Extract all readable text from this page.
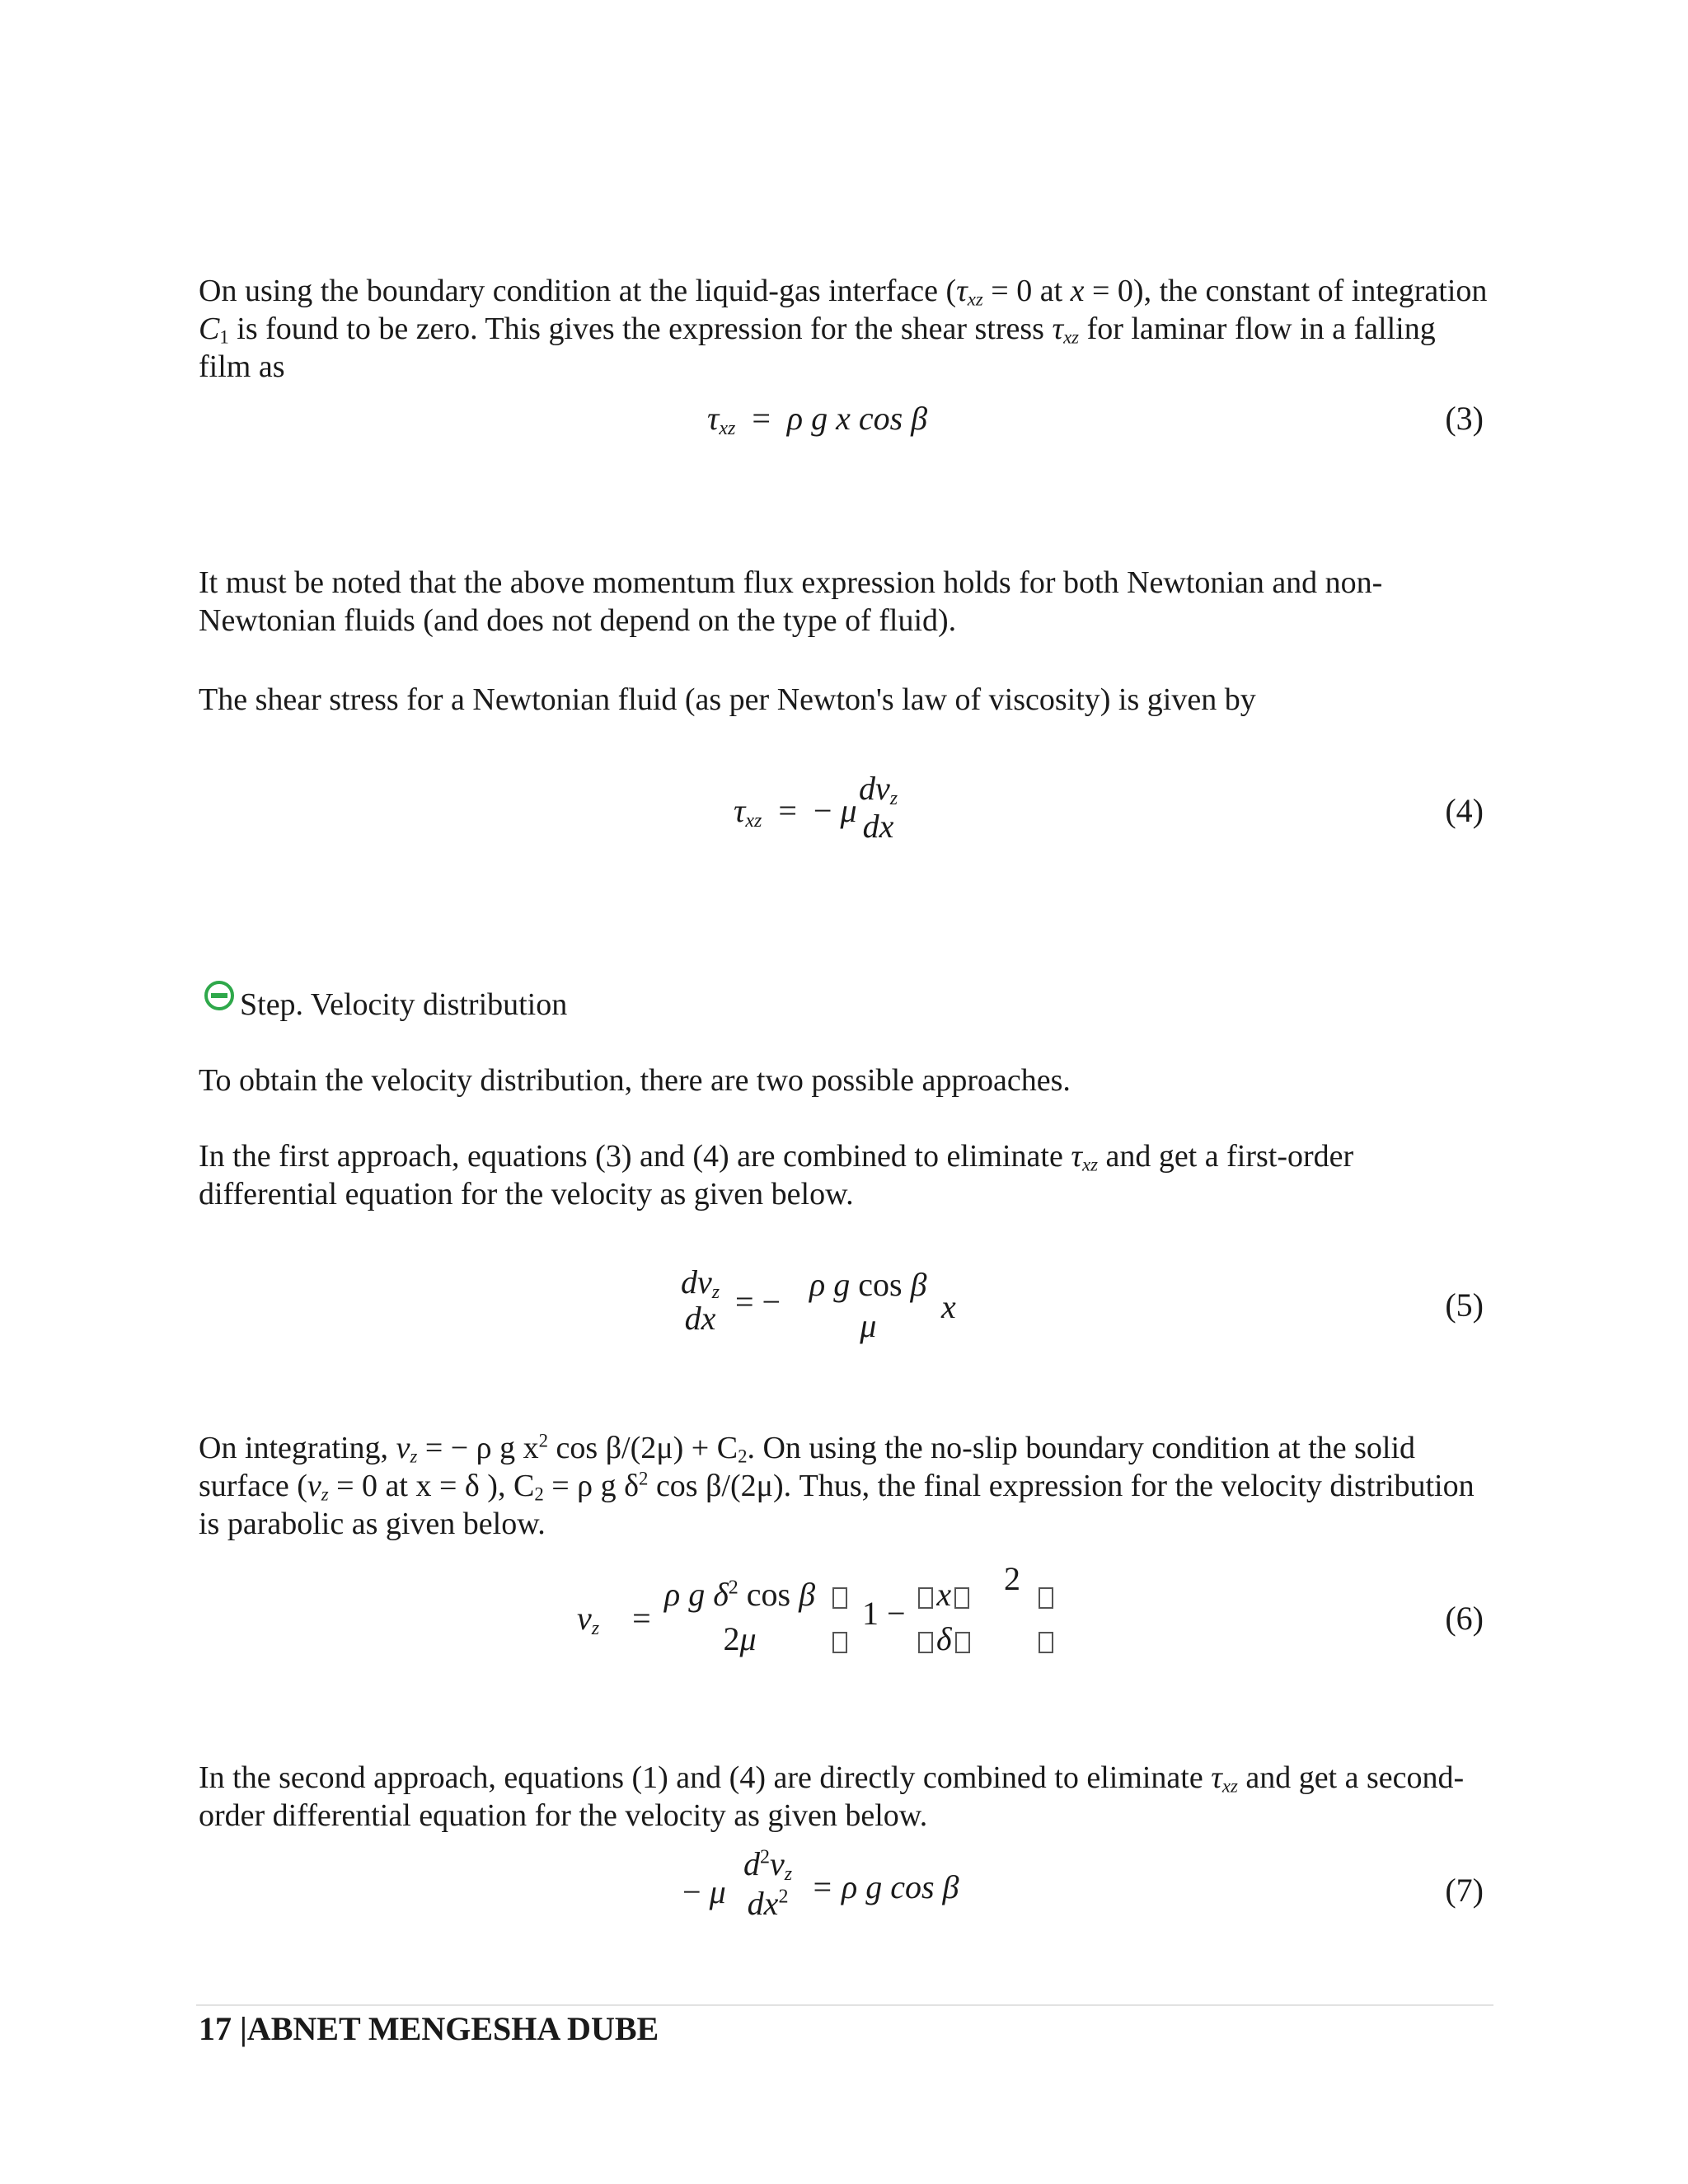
On using the boundary condition at the liquid-gas interface ($\tau_{xz} = 0$ at x = 0), the constant of integration $C_1$ is found to be zero. This gives the expression for the shear stress $\tau_{xz}$ for laminar flow in a falling film as

$\tau_{xz} = \rho$ g x cos β	(3)

It must be noted that the above momentum flux expression holds for both Newtonian and non-Newtonian fluids (and does not depend on the type of fluid).

The shear stress for a Newtonian fluid (as per Newton's law of viscosity) is given by

$\tau_{xz}$  =  − μ
$dv_z$
dx	(4)
Step. Velocity distribution

To obtain the velocity distribution, there are two possible approaches.

In the first approach, equations (3) and (4) are combined to eliminate $\tau_{xz}$ and get a first-order differential equation for the velocity as given below.

$dv_z$
dx = − ρ g cos β
μ
x	(5)

On integrating, $v_z$ = − ρ g $x^2$ $\cos \beta/(2\mu) + C_2$. On using the no-slip boundary condition at the solid surface ($v_z = 0$ at x = δ ), $C_2 = \rho$ g $\delta^2$ cos β/(2μ). Thus, the final expression for the velocity distribution is parabolic as given below.

$v_z$    =
ρ g $\delta^2$ cos β
2μ

1 −
x
δ
2

(6)

In the second approach, equations (1) and (4) are directly combined to eliminate $\tau_{xz}$ and get a second-order differential equation for the velocity as given below.

− μ
$d^2v_z$
$dx^2 = \rho$ g cos β	(7)
17 |ABNET MENGESHA DUBE
